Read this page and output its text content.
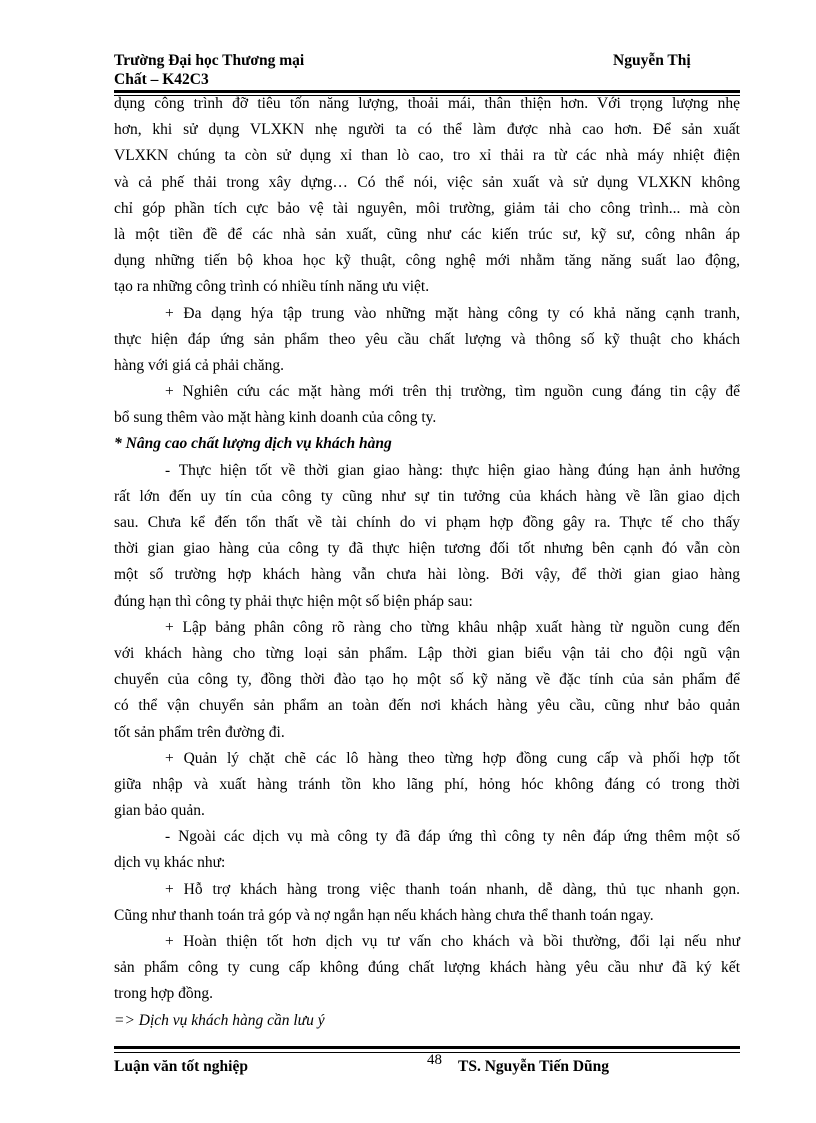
Trường Đại học Thương mại	Nguyễn Thị
Chất – K42C3
dụng công trình đỡ tiêu tốn năng lượng, thoải mái, thân thiện hơn. Với trọng lượng nhẹ
hơn, khi sử dụng VLXKN nhẹ người ta có thể làm được nhà cao hơn. Để sản xuất
VLXKN chúng ta còn sử dụng xỉ than lò cao, tro xỉ thải ra từ các nhà máy nhiệt điện
và cả phế thải trong xây dựng… Có thể nói, việc sản xuất và sử dụng VLXKN không
chỉ góp phần tích cực bảo vệ tài nguyên, môi trường, giảm tải cho công trình... mà còn
là một tiền đề để các nhà sản xuất, cũng như các kiến trúc sư, kỹ sư, công nhân áp
dụng những tiến bộ khoa học kỹ thuật, công nghệ mới nhằm tăng năng suất lao động,
tạo ra những công trình có nhiều tính năng ưu việt.
+ Đa dạng hýa tập trung vào những mặt hàng công ty có khả năng cạnh tranh,
thực hiện đáp ứng sản phẩm theo yêu cầu chất lượng và thông số kỹ thuật cho khách
hàng với giá cả phải chăng.
+ Nghiên cứu các mặt hàng mới trên thị trường, tìm nguồn cung đáng tin cậy để
bổ sung thêm vào mặt hàng kinh doanh của công ty.
* Nâng cao chất lượng dịch vụ khách hàng
- Thực hiện tốt về thời gian giao hàng: thực hiện giao hàng đúng hạn ảnh hưởng
rất lớn đến uy tín của công ty cũng như sự tin tưởng của khách hàng về lần giao dịch
sau. Chưa kể đến tổn thất về tài chính do vi phạm hợp đồng gây ra. Thực tế cho thấy
thời gian giao hàng của công ty đã thực hiện tương đối tốt nhưng bên cạnh đó vẫn còn
một số trường hợp khách hàng vẫn chưa hài lòng. Bởi vậy, để thời gian giao hàng
đúng hạn thì công ty phải thực hiện một số biện pháp sau:
+ Lập bảng phân công rõ ràng cho từng khâu nhập xuất hàng từ nguồn cung đến
với khách hàng cho từng loại sản phẩm. Lập thời gian biểu vận tải cho đội ngũ vận
chuyển của công ty, đồng thời đào tạo họ một số kỹ năng về đặc tính của sản phẩm để
có thể vận chuyển sản phẩm an toàn đến nơi khách hàng yêu cầu, cũng như bảo quản
tốt sản phẩm trên đường đi.
+ Quản lý chặt chẽ các lô hàng theo từng hợp đồng cung cấp và phối hợp tốt
giữa nhập và xuất hàng tránh tồn kho lãng phí, hỏng hóc không đáng có trong thời
gian bảo quản.
- Ngoài các dịch vụ mà công ty đã đáp ứng thì công ty nên đáp ứng thêm một số
dịch vụ khác như:
+ Hỗ trợ khách hàng trong việc thanh toán nhanh, dễ dàng, thủ tục nhanh gọn.
Cũng như thanh toán trả góp và nợ ngắn hạn nếu khách hàng chưa thể thanh toán ngay.
+ Hoàn thiện tốt hơn dịch vụ tư vấn cho khách và bồi thường, đổi lại nếu như
sản phẩm công ty cung cấp không đúng chất lượng khách hàng yêu cầu như đã ký kết
trong hợp đồng.
=> Dịch vụ khách hàng cần lưu ý
48
Luận văn tốt nghiệp	TS. Nguyễn Tiến Dũng
